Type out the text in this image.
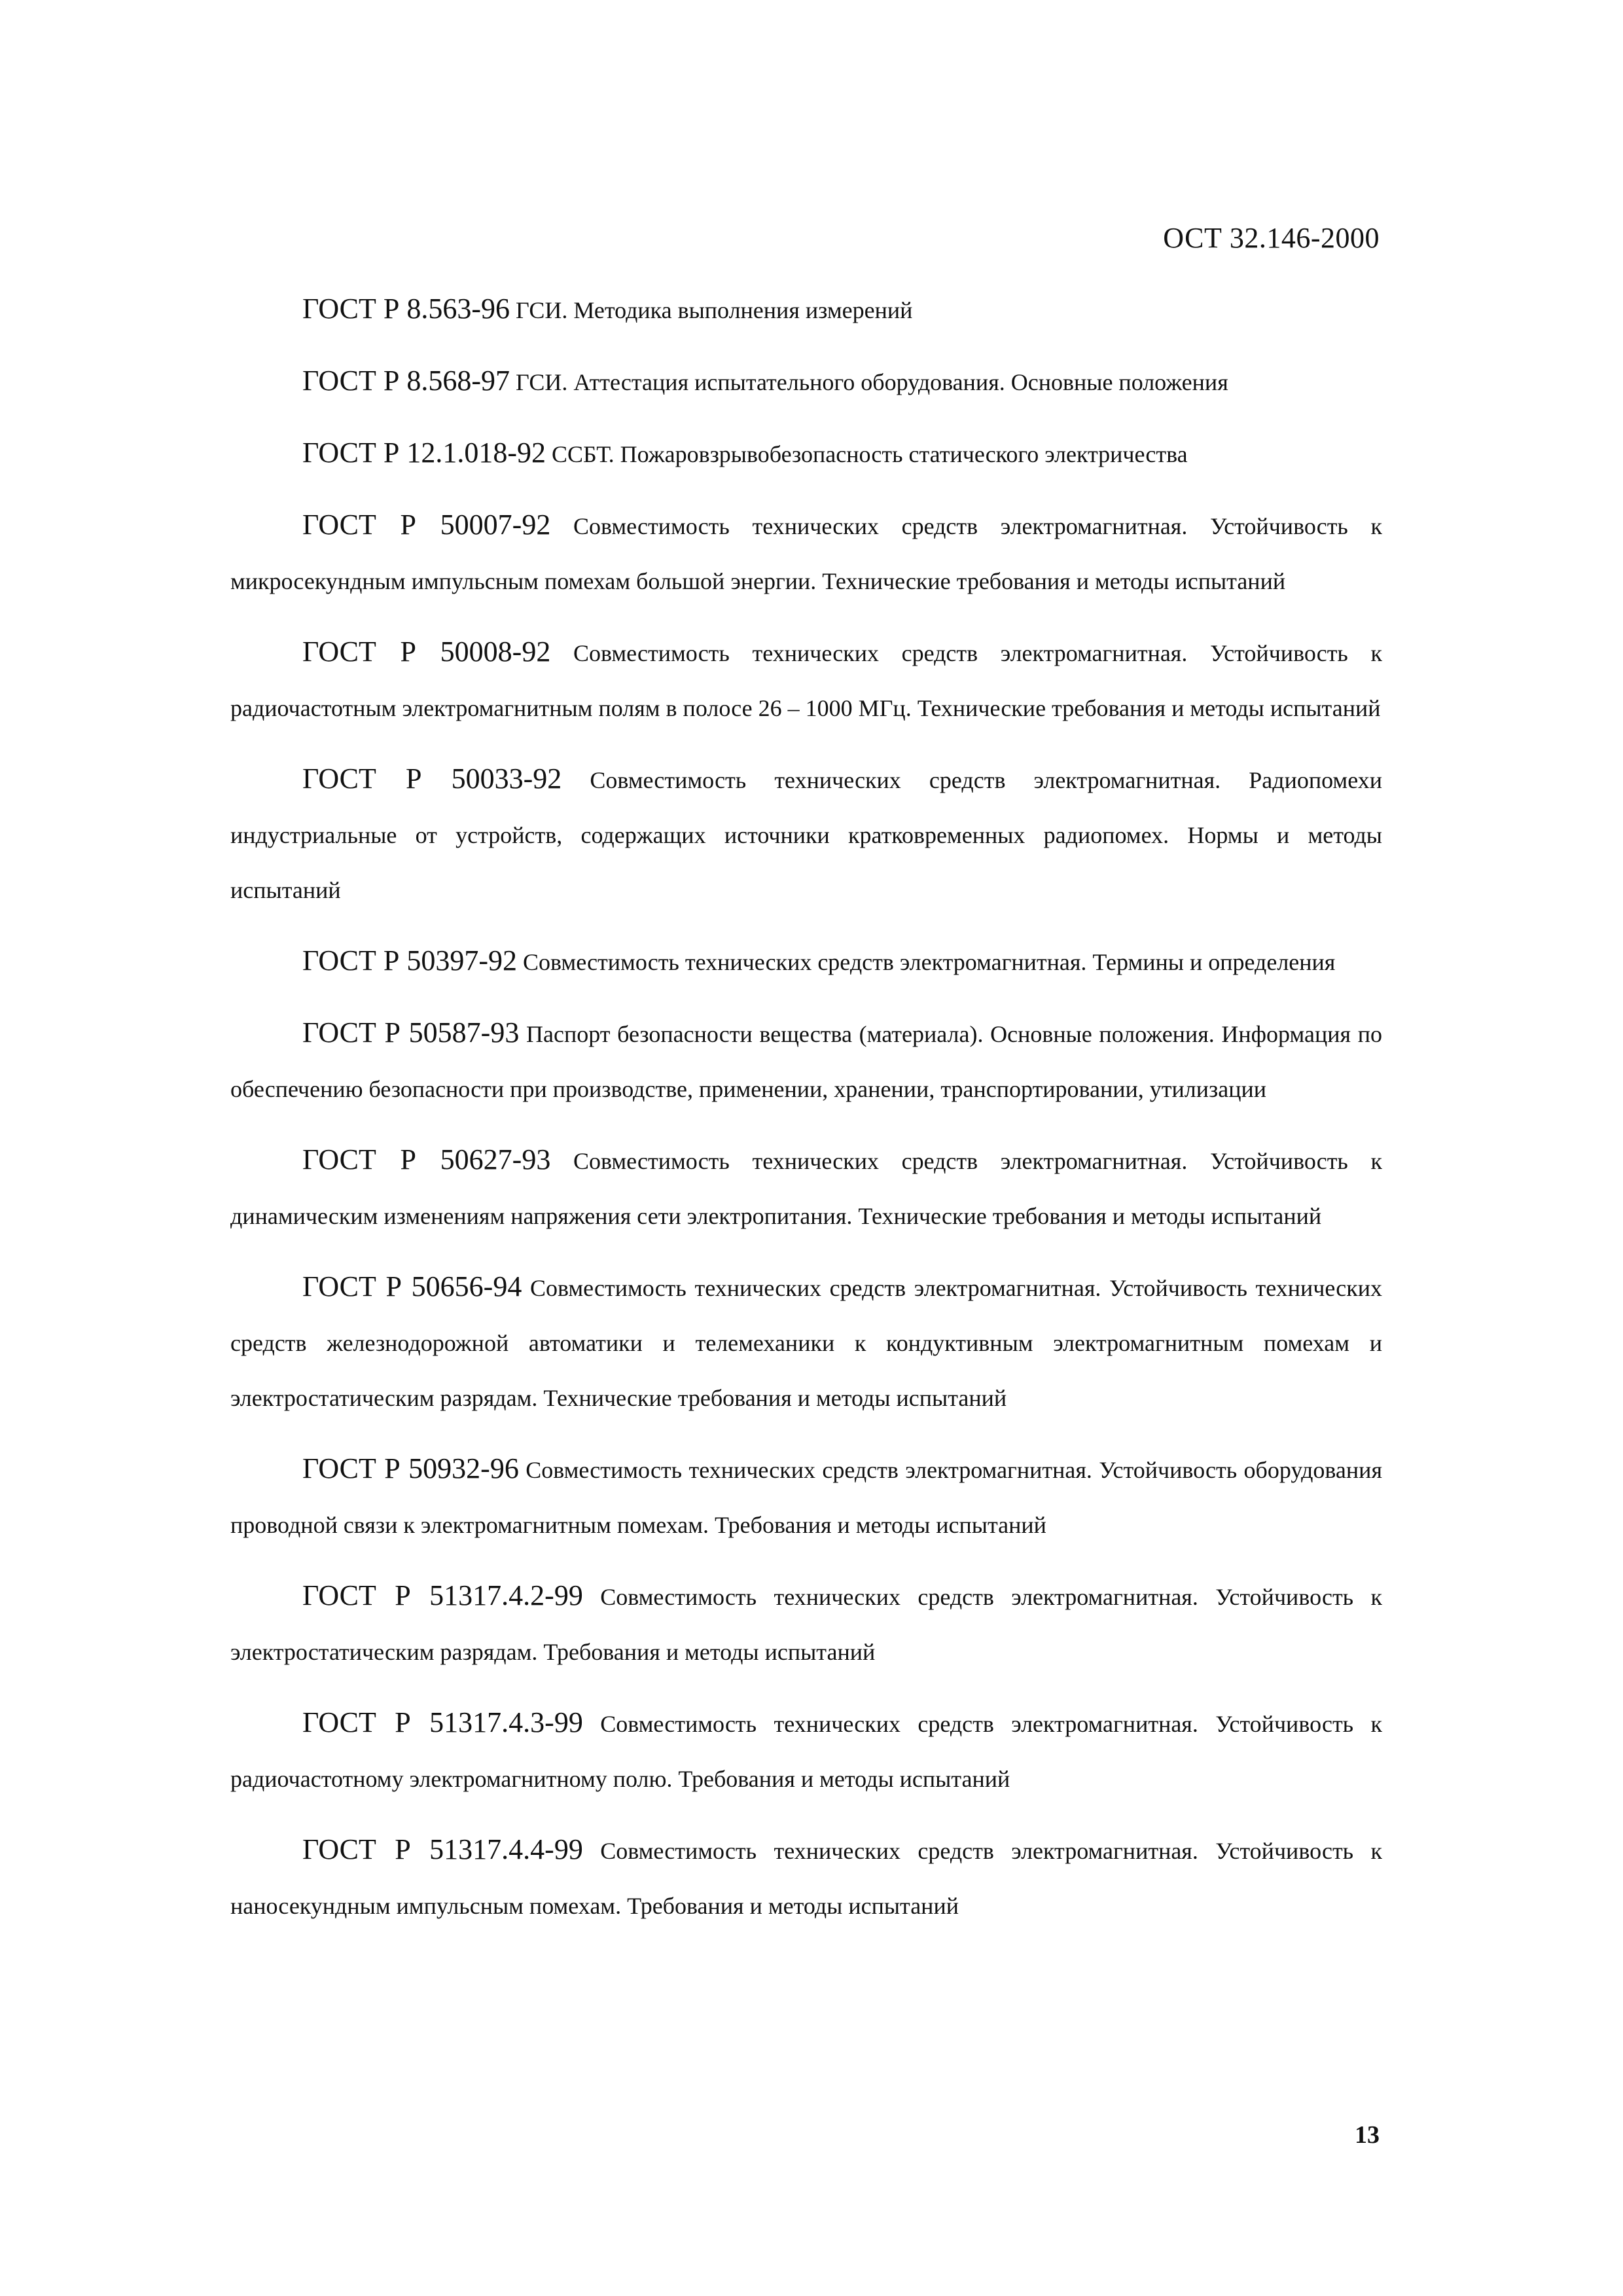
ОСТ 32.146-2000

ГОСТ Р 8.563-96 ГСИ. Методика выполнения измерений

ГОСТ Р 8.568-97 ГСИ. Аттестация испытательного оборудования. Основные положения

ГОСТ Р 12.1.018-92 ССБТ. Пожаровзрывобезопасность статического электричества

ГОСТ Р 50007-92 Совместимость технических средств электромагнитная. Устойчивость к микросекундным импульсным помехам большой энергии. Технические требования и методы испытаний

ГОСТ Р 50008-92 Совместимость технических средств электромагнитная. Устойчивость к радиочастотным электромагнитным полям в полосе 26 – 1000 МГц. Технические требования и методы испытаний

ГОСТ Р 50033-92 Совместимость технических средств электромагнитная. Радиопомехи индустриальные от устройств, содержащих источники кратковременных радиопомех. Нормы и методы испытаний

ГОСТ Р 50397-92 Совместимость технических средств электромагнитная. Термины и определения

ГОСТ Р 50587-93 Паспорт безопасности вещества (материала). Основные положения. Информация по обеспечению безопасности при производстве, применении, хранении, транспортировании, утилизации

ГОСТ Р 50627-93 Совместимость технических средств электромагнитная. Устойчивость к динамическим изменениям напряжения сети электропитания. Технические требования и методы испытаний

ГОСТ Р 50656-94 Совместимость технических средств электромагнитная. Устойчивость технических средств железнодорожной автоматики и телемеханики к кондуктивным электромагнитным помехам и электростатическим разрядам. Технические требования и методы испытаний

ГОСТ Р 50932-96 Совместимость технических средств электромагнитная. Устойчивость оборудования проводной связи к электромагнитным помехам. Требования и методы испытаний

ГОСТ Р 51317.4.2-99 Совместимость технических средств электромагнитная. Устойчивость к электростатическим разрядам. Требования и методы испытаний

ГОСТ Р 51317.4.3-99 Совместимость технических средств электромагнитная. Устойчивость к радиочастотному электромагнитному полю. Требования и методы испытаний

ГОСТ Р 51317.4.4-99 Совместимость технических средств электромагнитная. Устойчивость к наносекундным импульсным помехам. Требования и методы испытаний

13
